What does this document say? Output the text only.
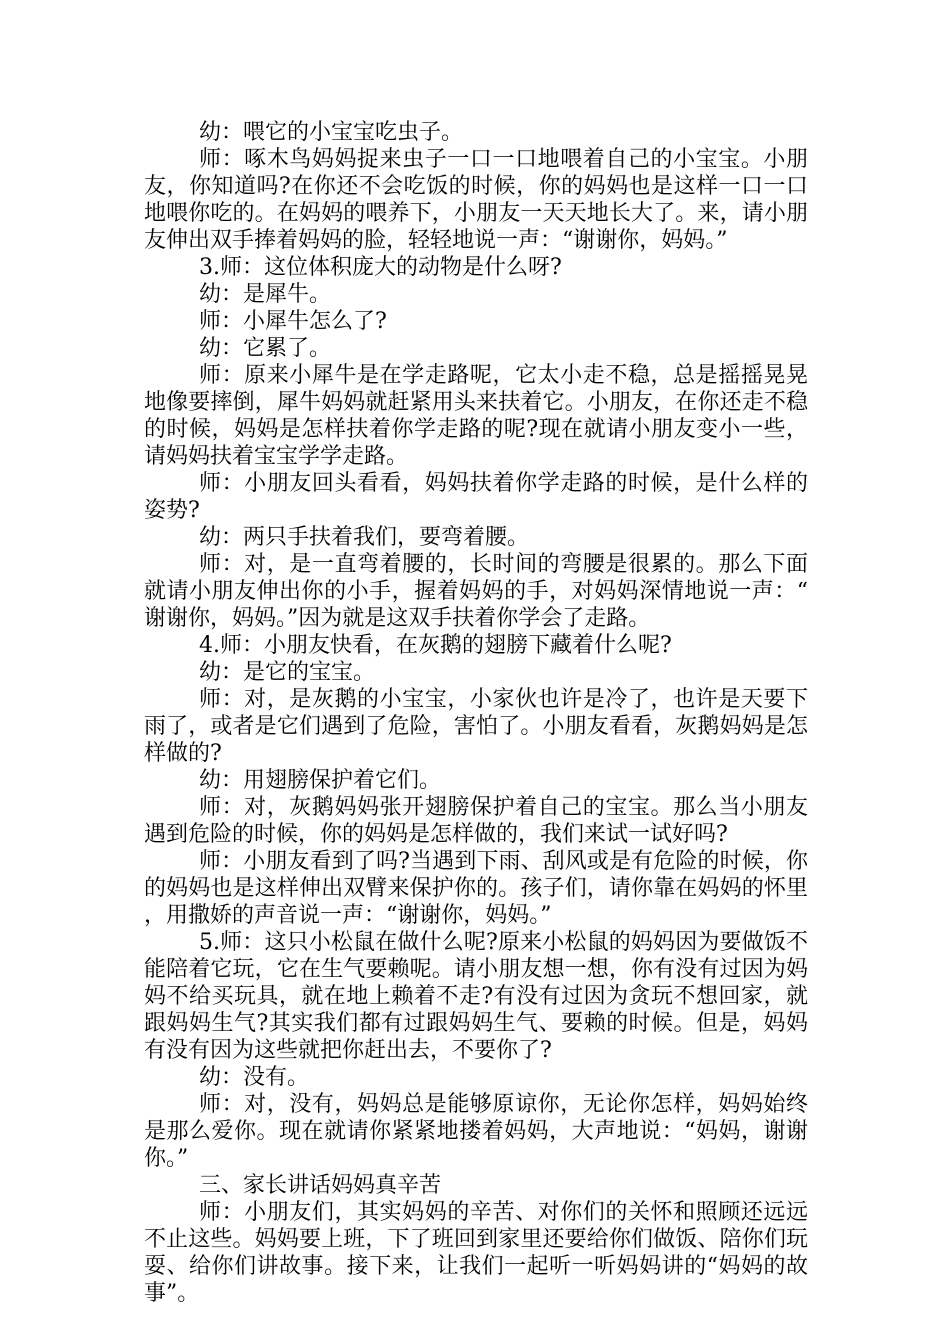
幼：喂它的小宝宝吃虫子。

师：啄木鸟妈妈捉来虫子一口一口地喂着自己的小宝宝。小朋友，你知道吗?在你还不会吃饭的时候，你的妈妈也是这样一口一口地喂你吃的。在妈妈的喂养下，小朋友一天天地长大了。来，请小朋友伸出双手捧着妈妈的脸，轻轻地说一声：“谢谢你，妈妈。”

3.师：这位体积庞大的动物是什么呀?

幼：是犀牛。

师：小犀牛怎么了?

幼：它累了。

师：原来小犀牛是在学走路呢，它太小走不稳，总是摇摇晃晃地像要摔倒，犀牛妈妈就赶紧用头来扶着它。小朋友，在你还走不稳的时候，妈妈是怎样扶着你学走路的呢?现在就请小朋友变小一些，请妈妈扶着宝宝学学走路。

师：小朋友回头看看，妈妈扶着你学走路的时候，是什么样的姿势?

幼：两只手扶着我们，要弯着腰。

师：对，是一直弯着腰的，长时间的弯腰是很累的。那么下面就请小朋友伸出你的小手，握着妈妈的手，对妈妈深情地说一声：“谢谢你，妈妈。”因为就是这双手扶着你学会了走路。

4.师：小朋友快看，在灰鹅的翅膀下藏着什么呢?

幼：是它的宝宝。

师：对，是灰鹅的小宝宝，小家伙也许是冷了，也许是天要下雨了，或者是它们遇到了危险，害怕了。小朋友看看，灰鹅妈妈是怎样做的?

幼：用翅膀保护着它们。

师：对，灰鹅妈妈张开翅膀保护着自己的宝宝。那么当小朋友遇到危险的时候，你的妈妈是怎样做的，我们来试一试好吗?

师：小朋友看到了吗?当遇到下雨、刮风或是有危险的时候，你的妈妈也是这样伸出双臂来保护你的。孩子们，请你靠在妈妈的怀里，用撒娇的声音说一声：“谢谢你，妈妈。”

5.师：这只小松鼠在做什么呢?原来小松鼠的妈妈因为要做饭不能陪着它玩，它在生气要赖呢。请小朋友想一想，你有没有过因为妈妈不给买玩具，就在地上赖着不走?有没有过因为贪玩不想回家，就跟妈妈生气?其实我们都有过跟妈妈生气、要赖的时候。但是，妈妈有没有因为这些就把你赶出去，不要你了?

幼：没有。

师：对，没有，妈妈总是能够原谅你，无论你怎样，妈妈始终是那么爱你。现在就请你紧紧地搂着妈妈，大声地说：“妈妈，谢谢你。”

三、家长讲话妈妈真辛苦

师：小朋友们，其实妈妈的辛苦、对你们的关怀和照顾还远远不止这些。妈妈要上班，下了班回到家里还要给你们做饭、陪你们玩耍、给你们讲故事。接下来，让我们一起听一听妈妈讲的“妈妈的故事”。
